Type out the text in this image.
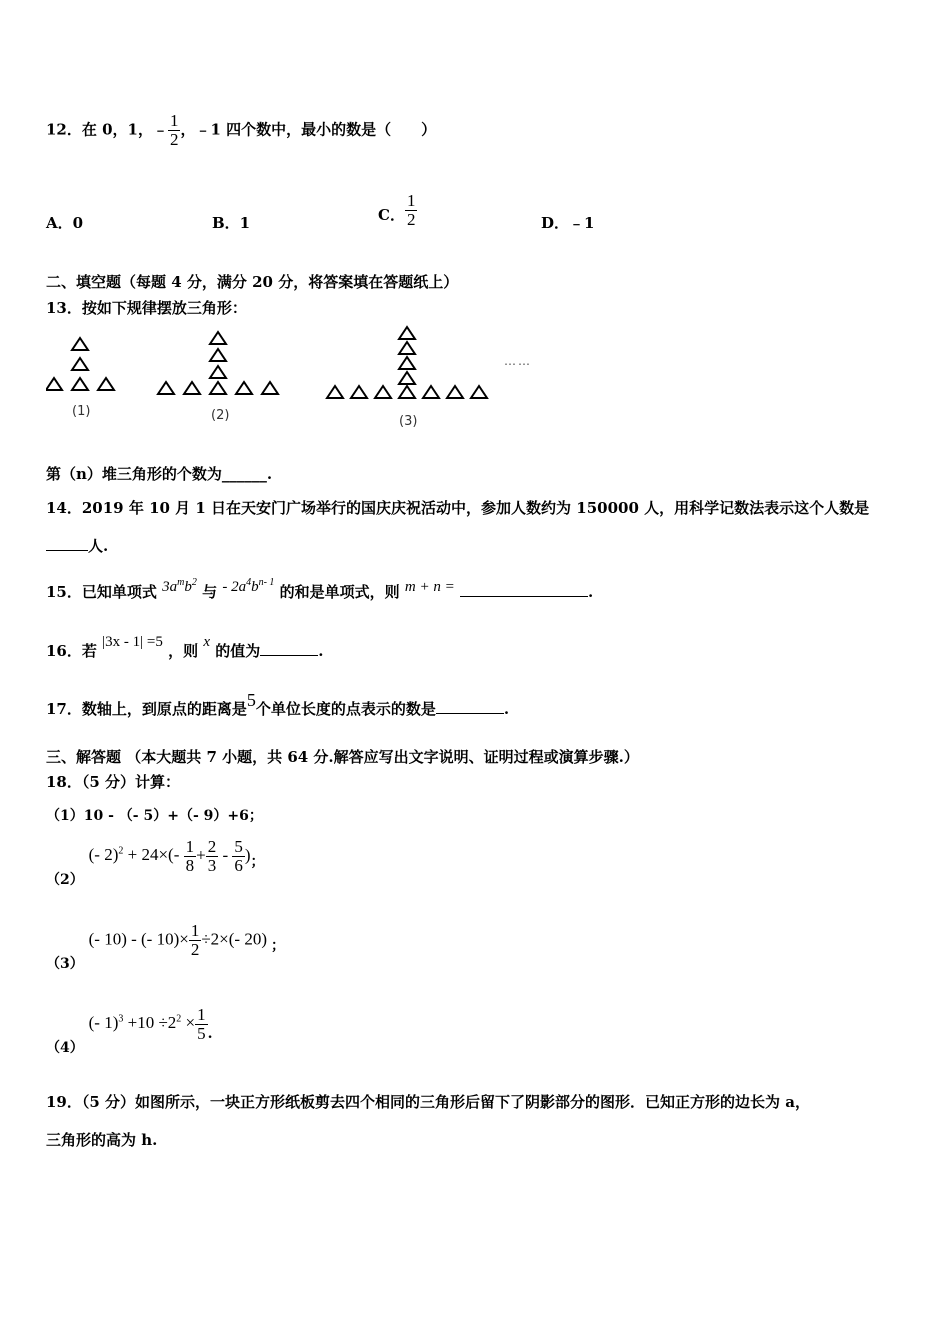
12．在 0，1，﹣ $\frac{1}{2}$ ，﹣1 四个数中，最小的数是（　　）
A．0	B．1	C． $\frac{1}{2}$	D．﹣1
二、填空题（每题 4 分，满分 20 分，将答案填在答题纸上）
13．按如下规律摆放三角形：
(1)	(2)	(3)
……
第（n）堆三角形的个数为______.
14．2019 年 10 月 1 日在天安门广场举行的国庆庆祝活动中，参加人数约为 150000 人，用科学记数法表示这个人数是
人.
15．已知单项式 $3a^mb^2$ 与 - $2a^4b^{n- 1}$ 的和是单项式，则 m + n =	.
16．若 |3x - 1| =5 ，则 x 的值为	.
17．数轴上，到原点的距离是5个单位长度的点表示的数是	.
三、解答题 （本大题共 7 小题，共 64 分.解答应写出文字说明、证明过程或演算步骤.）
18．（5 分）计算：
（1）10 - （- 5）+（- 9）+6；
（2） (- $2)^2 + 24\times(- \frac{1}{8} + \frac{2}{3} - \frac{5}{6}$ )；
（3） (- 10) - (- $10)\times \frac{1}{2} \div 2\times(-$ 20) ；
（4） (- $1)^3 +10 \div 2^2 \times \frac{1}{5}$ .
19．（5 分）如图所示，一块正方形纸板剪去四个相同的三角形后留下了阴影部分的图形．已知正方形的边长为 a，
三角形的高为 h.
